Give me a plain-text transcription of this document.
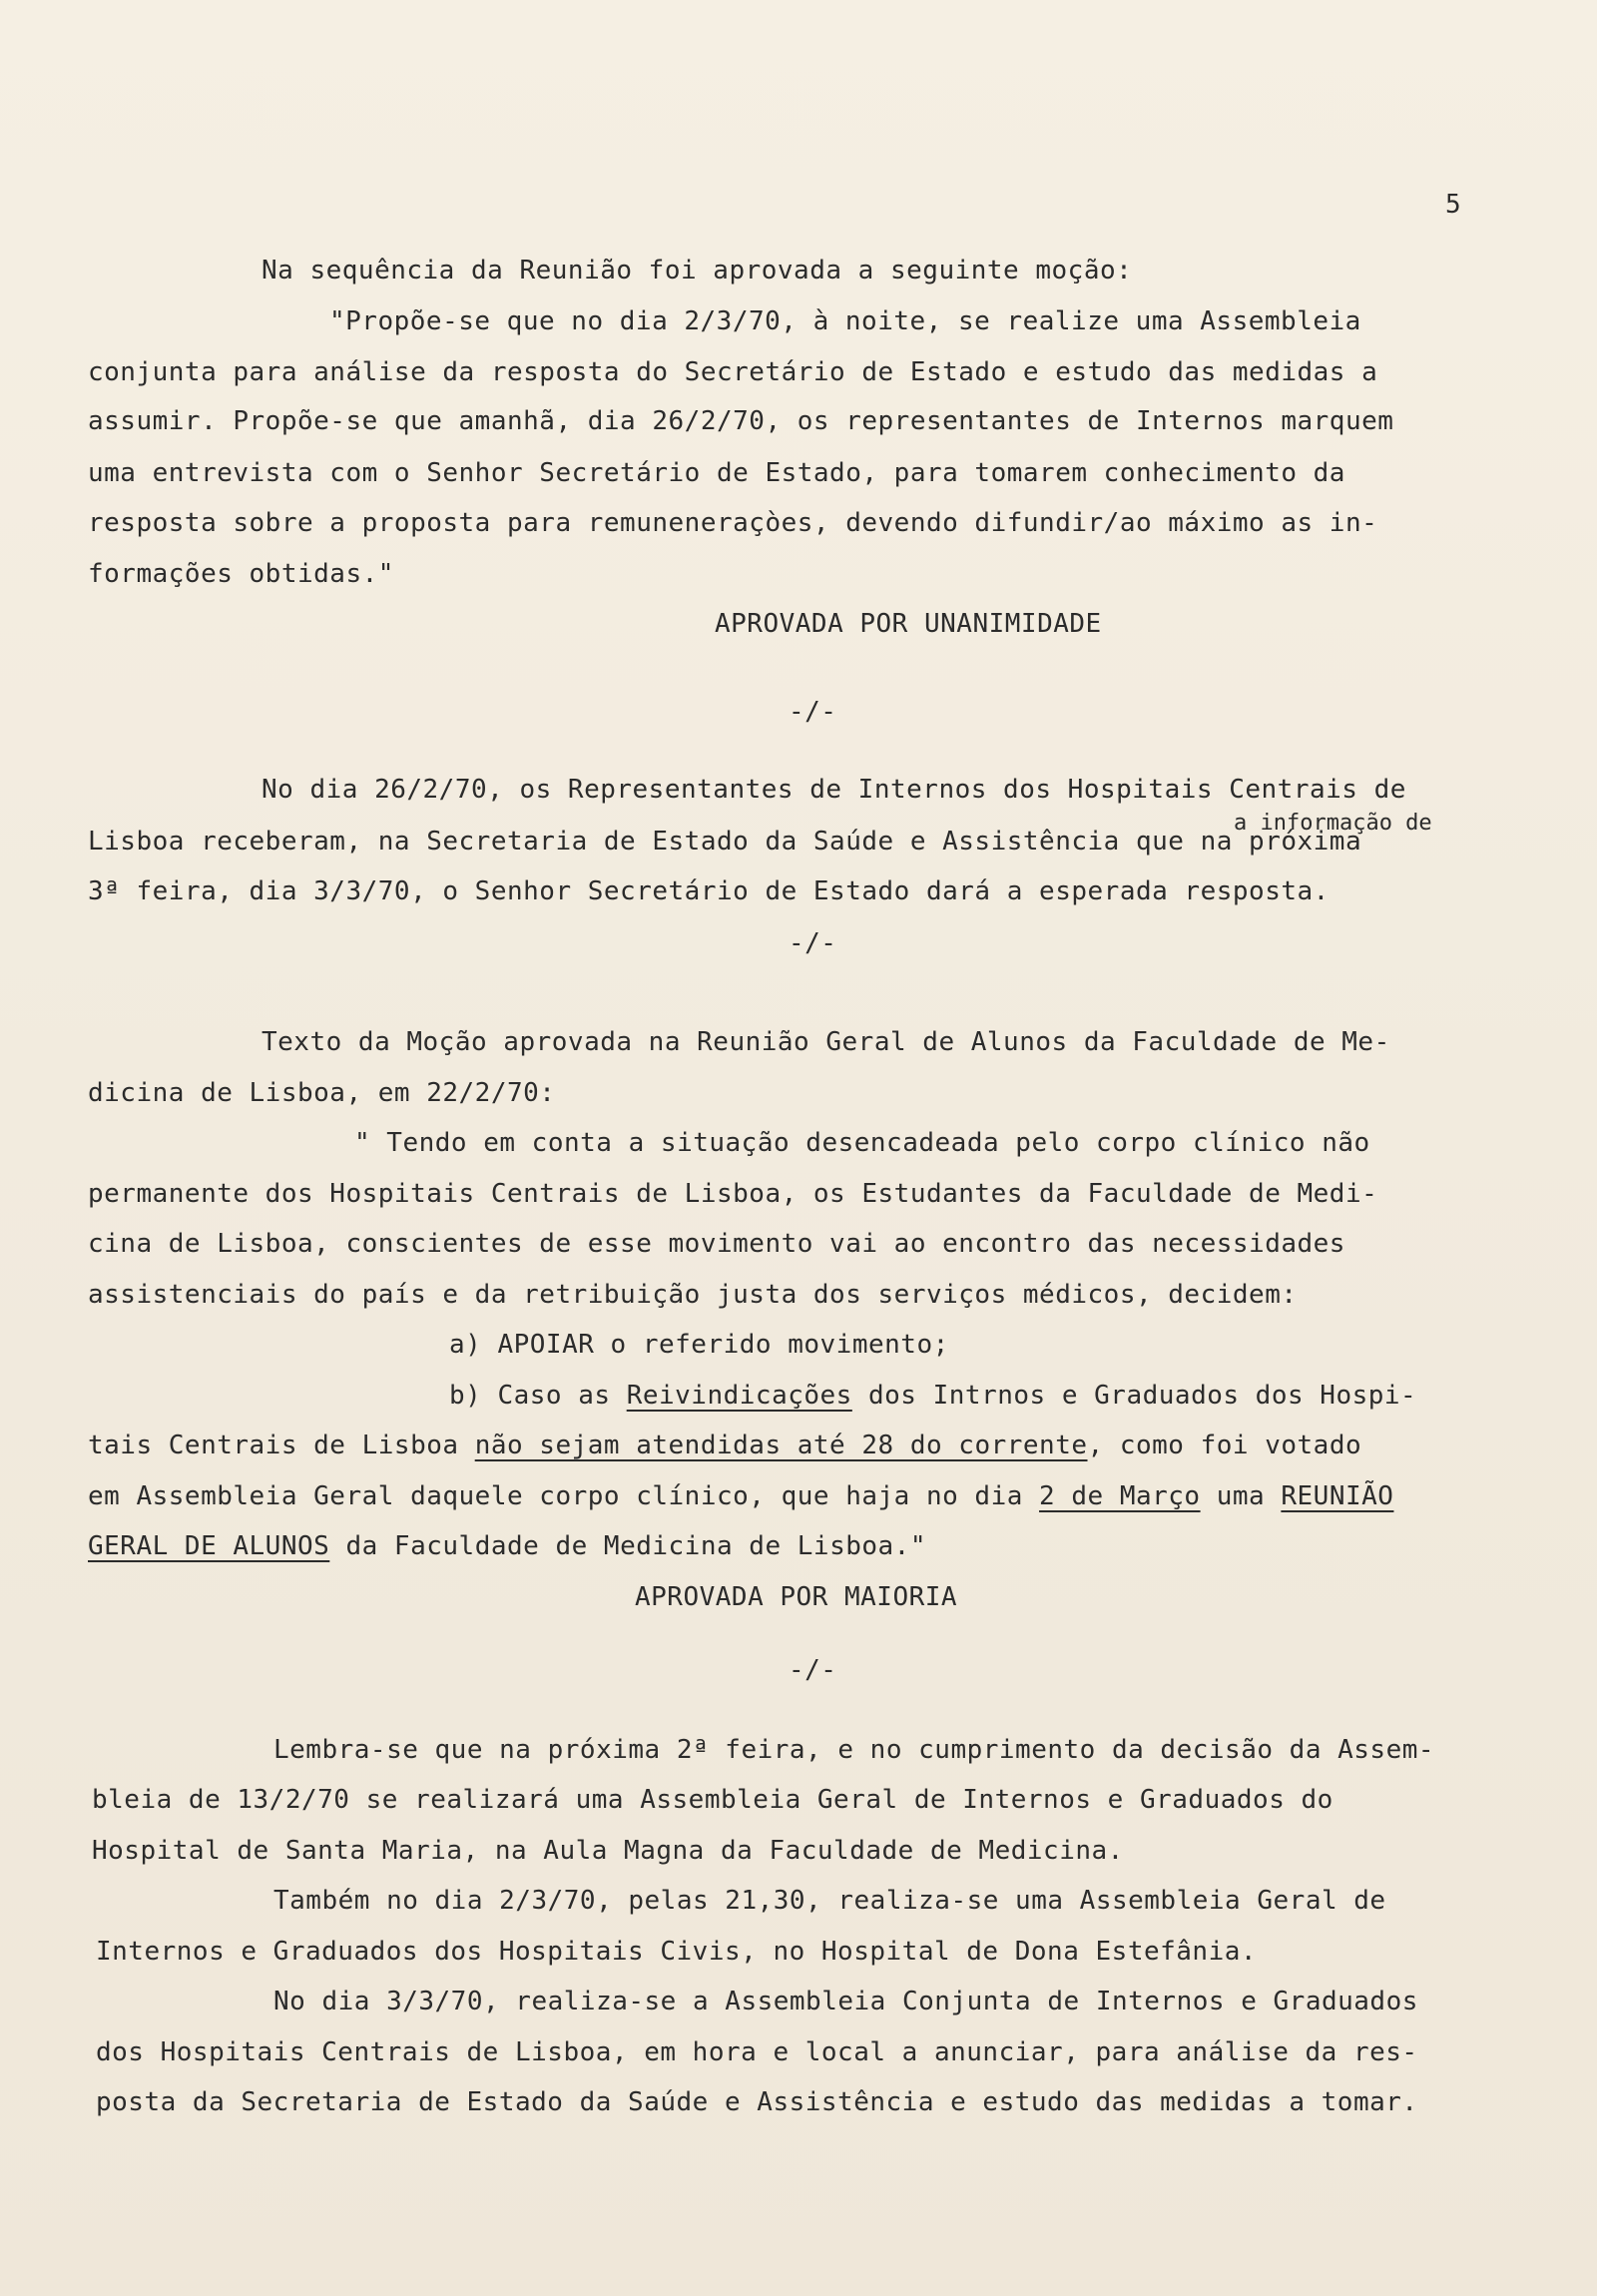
5
Na sequência da Reunião foi aprovada a seguinte moção:
"Propõe-se que no dia 2/3/70, à noite, se realize uma Assembleia
conjunta para análise da resposta do Secretário de Estado e estudo das medidas a
assumir. Propõe-se que amanhã, dia 26/2/70, os representantes de Internos marquem
uma entrevista com o Senhor Secretário de Estado, para tomarem conhecimento da
resposta sobre a proposta para remuneneraçòes, devendo difundir/ao máximo as in-
formações obtidas."
APROVADA POR UNANIMIDADE
-/-
No dia 26/2/70, os Representantes de Internos dos Hospitais Centrais de
a informação de
Lisboa receberam, na Secretaria de Estado da Saúde e Assistência que na próxima
3ª feira, dia 3/3/70, o Senhor Secretário de Estado dará a esperada resposta.
-/-
Texto da Moção aprovada na Reunião Geral de Alunos da Faculdade de Me-
dicina de Lisboa, em 22/2/70:
" Tendo em conta a situação desencadeada pelo corpo clínico não
permanente dos Hospitais Centrais de Lisboa, os Estudantes da Faculdade de Medi-
cina de Lisboa, conscientes de esse movimento vai ao encontro das necessidades
assistenciais do país e da retribuição justa dos serviços médicos, decidem:
a) APOIAR o referido movimento;
b) Caso as Reivindicações dos Intrnos e Graduados dos Hospi-
tais Centrais de Lisboa não sejam atendidas até 28 do corrente, como foi votado
em Assembleia Geral daquele corpo clínico, que haja no dia 2 de Março uma REUNIÃO
GERAL DE ALUNOS da Faculdade de Medicina de Lisboa."
APROVADA POR MAIORIA
-/-
Lembra-se que na próxima 2ª feira, e no cumprimento da decisão da Assem-
bleia de 13/2/70 se realizará uma Assembleia Geral de Internos e Graduados do
Hospital de Santa Maria, na Aula Magna da Faculdade de Medicina.
Também no dia 2/3/70, pelas 21,30, realiza-se uma Assembleia Geral de
Internos e Graduados dos Hospitais Civis, no Hospital de Dona Estefânia.
No dia 3/3/70, realiza-se a Assembleia Conjunta de Internos e Graduados
dos Hospitais Centrais de Lisboa, em hora e local a anunciar, para análise da res-
posta da Secretaria de Estado da Saúde e Assistência e estudo das medidas a tomar.
